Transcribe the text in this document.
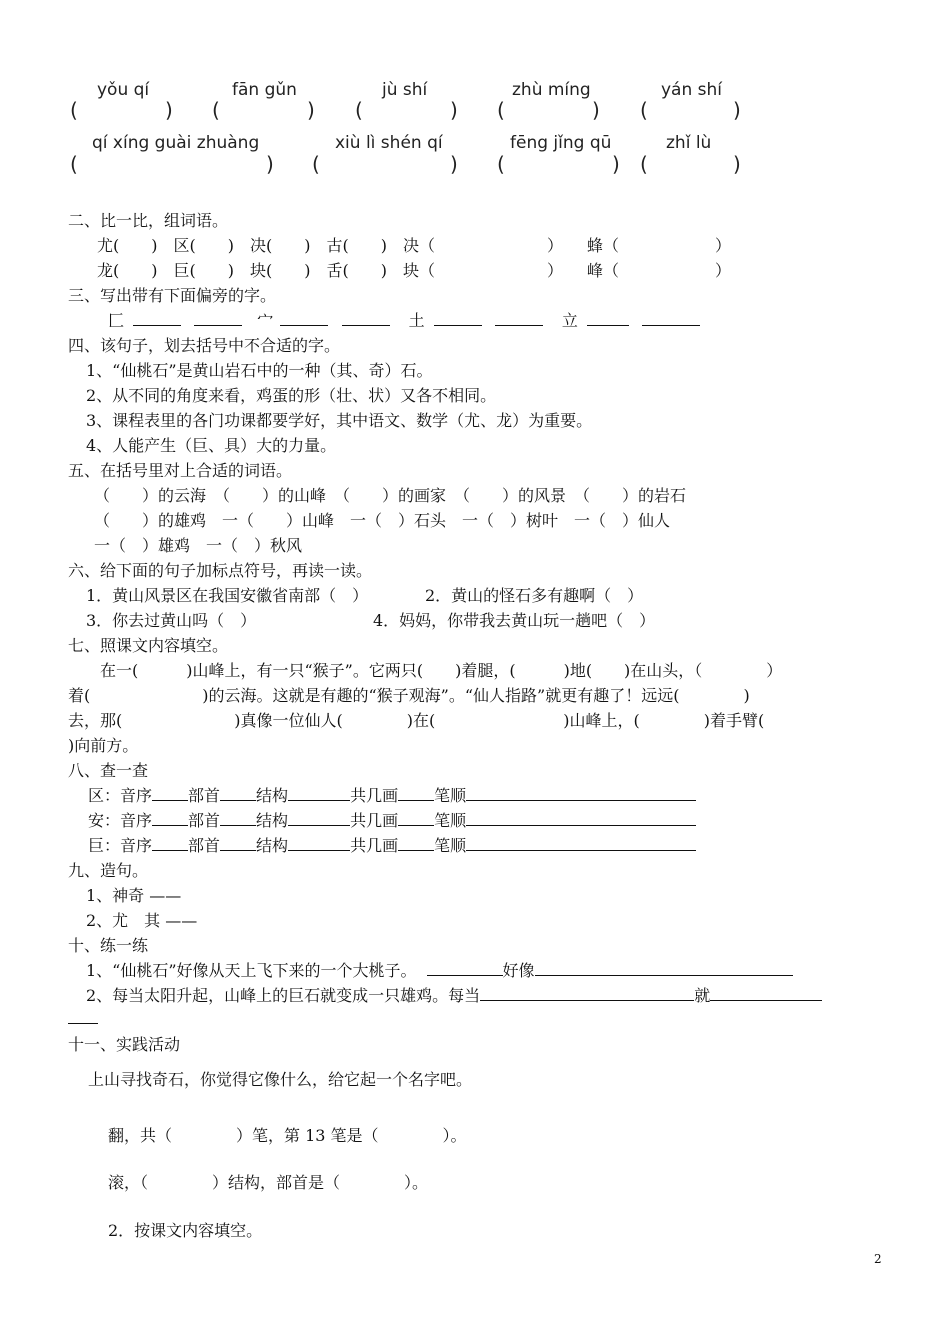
yǒu qí	fān gǔn	jù shí	zhù míng	yán shí
(	) (	) (	) (	) (	)
qí xíng guài zhuàng	xiù lì shén qí	fēng jǐng qū	zhǐ lù
(	) (	) (	) (	)
二、比一比，组词语。
尤(　　)　区(　　)　决(　　)　古(　　)　决（　　　　　　　）　　蜂（　　　　　　）
龙(　　)　巨(　　)　块(　　)　舌(　　)　块（　　　　　　　）　　峰（　　　　　　）
三、写出带有下面偏旁的字。
匚	宀	土	立
四、该句子，划去括号中不合适的字。
1、“仙桃石”是黄山岩石中的一种（其、奇）石。
2、从不同的角度来看，鸡蛋的形（壮、状）又各不相同。
3、课程表里的各门功课都要学好，其中语文、数学（尤、龙）为重要。
4、人能产生（巨、具）大的力量。
五、在括号里对上合适的词语。
（　　）的云海　（　　）的山峰　（　　）的画家　（　　）的风景　（　　）的岩石
（　　）的雄鸡　一（　　）山峰　一（　）石头　一（　）树叶　一（　）仙人
一（　）雄鸡　一（　）秋风
六、给下面的句子加标点符号，再读一读。
1．黄山风景区在我国安徽省南部（　）	2．黄山的怪石多有趣啊（　）
3．你去过黄山吗（　）	4．妈妈，你带我去黄山玩一趟吧（　）
七、照课文内容填空。
在一(　　　)山峰上，有一只“猴子”。它两只(　　)着腿，(　　　)地(　　)在山头，（　　　　）
着(　　　　　　　)的云海。这就是有趣的“猴子观海”。“仙人指路”就更有趣了！远远(　　　　)
去，那(　　　　　　　)真像一位仙人(　　　　)在(　　　　　　　　)山峰上，(　　　　)着手臂(
)向前方。
八、查一查
区：音序 部首 结构	共几画 笔顺
安：音序 部首 结构	共几画 笔顺
巨：音序 部首 结构	共几画 笔顺
九、造句。
1、神奇 ——
2、尤　其 ——
十、练一练
1、“仙桃石”好像从天上飞下来的一个大桃子。	好像
2、每当太阳升起，山峰上的巨石就变成一只雄鸡。每当	就
十一、实践活动
上山寻找奇石，你觉得它像什么，给它起一个名字吧。
翻，共（　　　　）笔，第 13 笔是（　　　　）。
滚，（　　　　）结构，部首是（　　　　）。
2．按课文内容填空。
2
